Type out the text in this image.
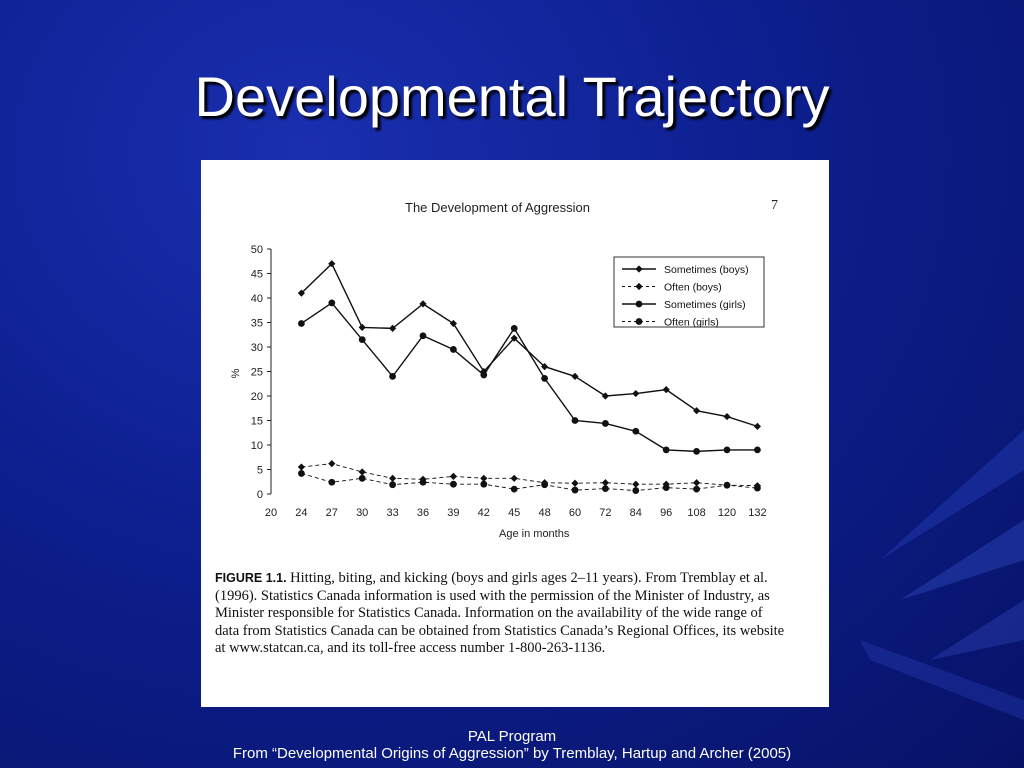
Developmental Trajectory
The Development of Aggression	7
0
5
10
15
20
25
30
35
40
45
50
%
20 24 27 30 33 36 39 42 45 48 60 72 84 96 108 120 132
Age in months
Sometimes (boys)
Often (boys)
Sometimes (girls)
Often (girls)
FIGURE 1.1. Hitting, biting, and kicking (boys and girls ages 2–11 years). From Tremblay et al. (1996). Statistics Canada information is used with the permission of the Minister of Industry, as Minister responsible for Statistics Canada. Information on the availability of the wide range of data from Statistics Canada can be obtained from Statistics Canada’s Regional Offices, its website at www.statcan.ca, and its toll-free access number 1-800-263-1136.
PAL Program
From “Developmental Origins of Aggression” by Tremblay, Hartup and Archer (2005)
